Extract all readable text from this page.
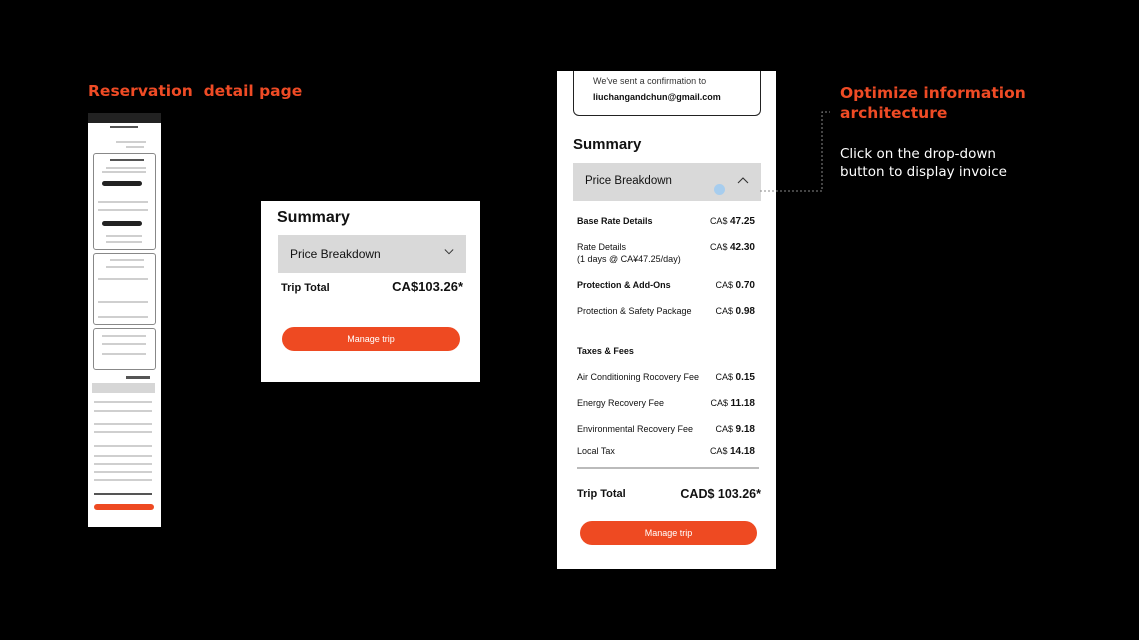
Reservation  detail page
Summary
Price Breakdown
Trip Total	CA$103.26*
Manage trip
We've sent a confirmation to
liuchangandchun@gmail.com
Summary
Price Breakdown
Base Rate Details	CA$ 47.25
Rate Details	CA$ 42.30
(1 days @ CA¥47.25/day)
Protection & Add-Ons	CA$ 0.70
Protection & Safety Package	CA$ 0.98
Taxes & Fees
Air Conditioning Rocovery Fee CA$ 0.15
Energy Recovery Fee	CA$ 11.18
Environmental Recovery Fee CA$ 9.18
Local Tax	CA$ 14.18
Trip Total	CAD$ 103.26*
Manage trip
Optimize information architecture
Click on the drop-down button to display invoice
